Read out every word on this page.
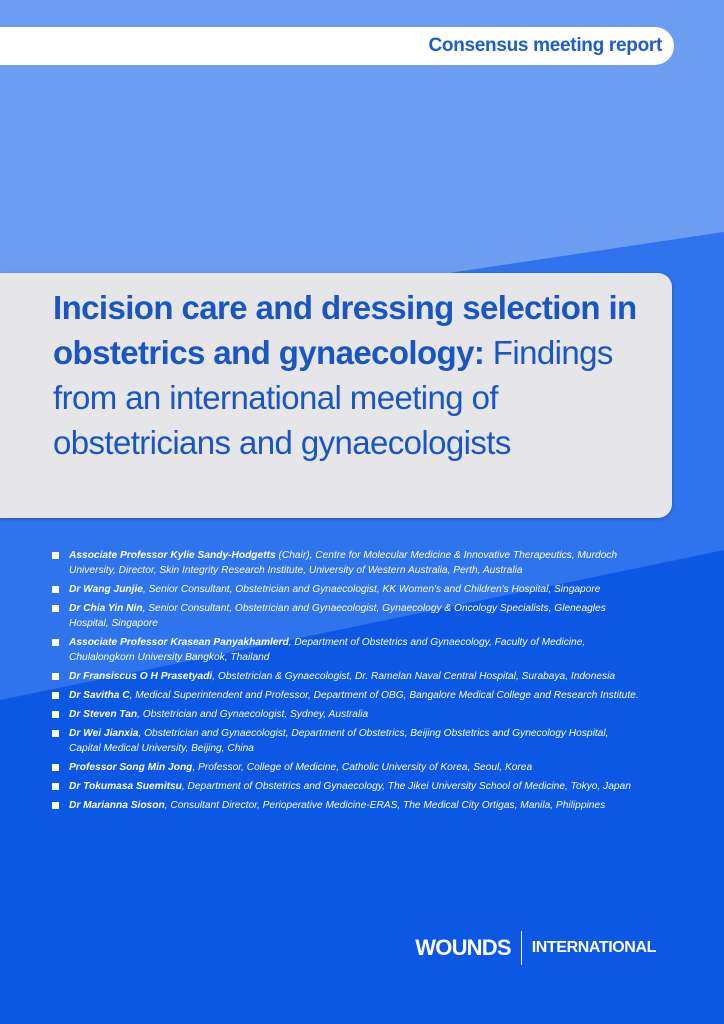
Consensus meeting report
Incision care and dressing selection in obstetrics and gynaecology: Findings from an international meeting of obstetricians and gynaecologists
Associate Professor Kylie Sandy-Hodgetts (Chair), Centre for Molecular Medicine & Innovative Therapeutics, Murdoch University, Director, Skin Integrity Research Institute, University of Western Australia, Perth, Australia
Dr Wang Junjie, Senior Consultant, Obstetrician and Gynaecologist, KK Women's and Children's Hospital, Singapore
Dr Chia Yin Nin, Senior Consultant, Obstetrician and Gynaecologist, Gynaecology & Oncology Specialists, Gleneagles Hospital, Singapore
Associate Professor Krasean Panyakhamlerd, Department of Obstetrics and Gynaecology, Faculty of Medicine, Chulalongkorn University Bangkok, Thailand
Dr Fransiscus O H Prasetyadi, Obstetrician & Gynaecologist, Dr. Ramelan Naval Central Hospital, Surabaya, Indonesia
Dr Savitha C, Medical Superintendent and Professor, Department of OBG, Bangalore Medical College and Research Institute.
Dr Steven Tan, Obstetrician and Gynaecologist, Sydney, Australia
Dr Wei Jianxia, Obstetrician and Gynaecologist, Department of Obstetrics, Beijing Obstetrics and Gynecology Hospital, Capital Medical University, Beijing, China
Professor Song Min Jong, Professor, College of Medicine, Catholic University of Korea, Seoul, Korea
Dr Tokumasa Suemitsu, Department of Obstetrics and Gynaecology, The Jikei University School of Medicine, Tokyo, Japan
Dr Marianna Sioson, Consultant Director, Perioperative Medicine-ERAS, The Medical City Ortigas, Manila, Philippines
WOUNDS INTERNATIONAL
